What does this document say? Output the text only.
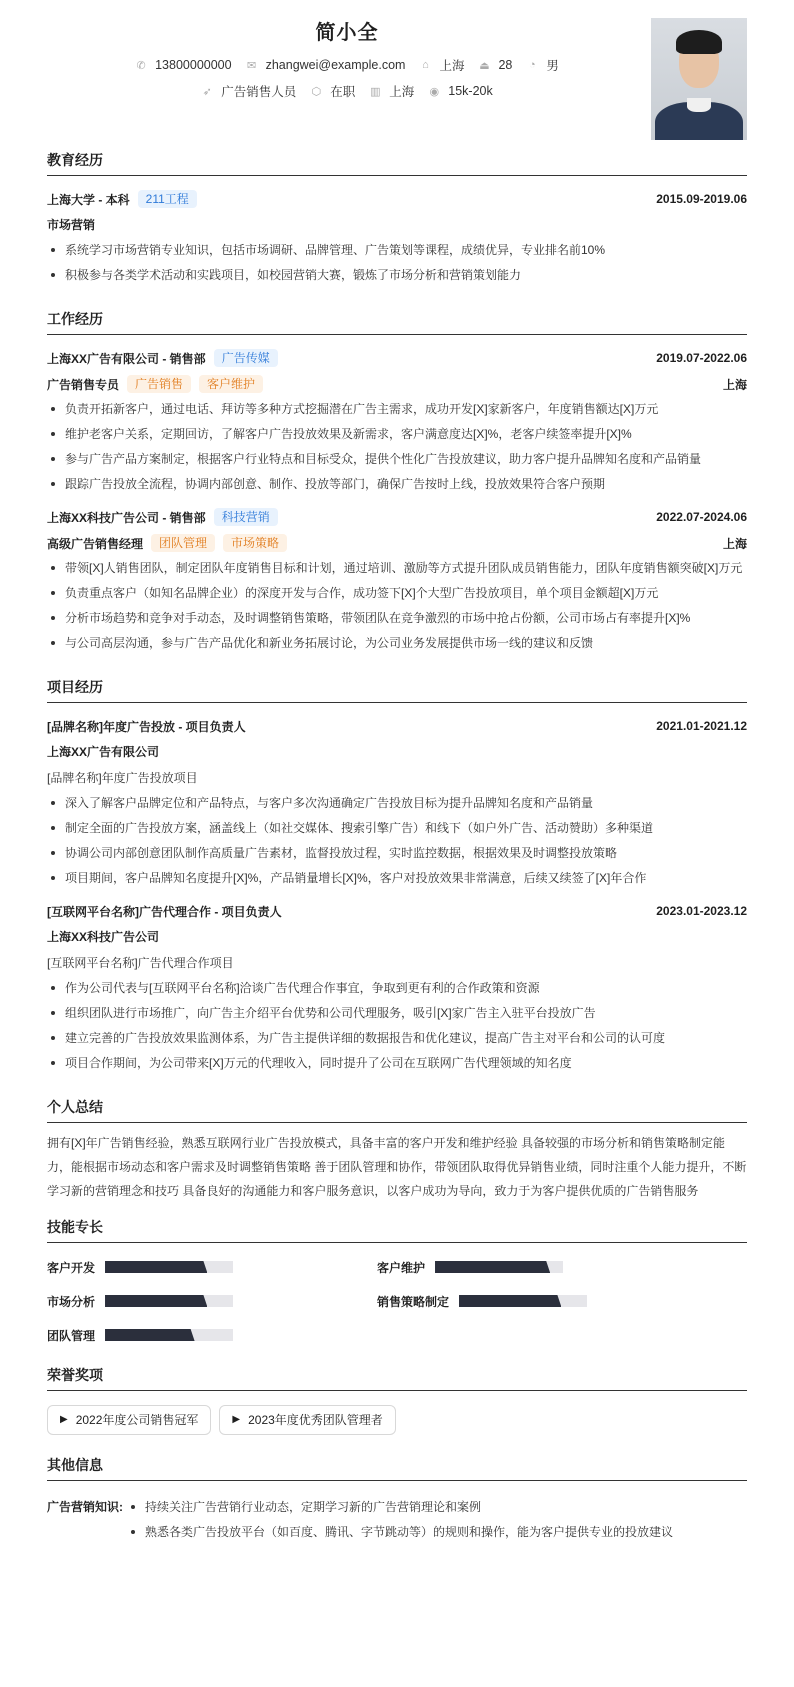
简小全
✆ 13800000000 ✉ zhangwei@example.com ⌂ 上海 ⏏ 28 ◔ 男
➶ 广告销售人员 ⬡ 在职 ▥ 上海 ◉ 15k-20k
教育经历
上海大学 - 本科	211工程	2015.09-2019.06
市场营销
系统学习市场营销专业知识，包括市场调研、品牌管理、广告策划等课程，成绩优异，专业排名前10%
积极参与各类学术活动和实践项目，如校园营销大赛，锻炼了市场分析和营销策划能力
工作经历
上海XX广告有限公司 - 销售部	广告传媒	2019.07-2022.06
广告销售专员	广告销售	客户维护	上海
负责开拓新客户，通过电话、拜访等多种方式挖掘潜在广告主需求，成功开发[X]家新客户，年度销售额达[X]万元
维护老客户关系，定期回访，了解客户广告投放效果及新需求，客户满意度达[X]%，老客户续签率提升[X]%
参与广告产品方案制定，根据客户行业特点和目标受众，提供个性化广告投放建议，助力客户提升品牌知名度和产品销量
跟踪广告投放全流程，协调内部创意、制作、投放等部门，确保广告按时上线，投放效果符合客户预期
上海XX科技广告公司 - 销售部	科技营销	2022.07-2024.06
高级广告销售经理	团队管理	市场策略	上海
带领[X]人销售团队，制定团队年度销售目标和计划，通过培训、激励等方式提升团队成员销售能力，团队年度销售额突破[X]万元
负责重点客户（如知名品牌企业）的深度开发与合作，成功签下[X]个大型广告投放项目，单个项目金额超[X]万元
分析市场趋势和竞争对手动态，及时调整销售策略，带领团队在竞争激烈的市场中抢占份额，公司市场占有率提升[X]%
与公司高层沟通，参与广告产品优化和新业务拓展讨论，为公司业务发展提供市场一线的建议和反馈
项目经历
[品牌名称]年度广告投放 - 项目负责人	2021.01-2021.12
上海XX广告有限公司
[品牌名称]年度广告投放项目
深入了解客户品牌定位和产品特点，与客户多次沟通确定广告投放目标为提升品牌知名度和产品销量
制定全面的广告投放方案，涵盖线上（如社交媒体、搜索引擎广告）和线下（如户外广告、活动赞助）多种渠道
协调公司内部创意团队制作高质量广告素材，监督投放过程，实时监控数据，根据效果及时调整投放策略
项目期间，客户品牌知名度提升[X]%，产品销量增长[X]%，客户对投放效果非常满意，后续又续签了[X]年合作
[互联网平台名称]广告代理合作 - 项目负责人	2023.01-2023.12
上海XX科技广告公司
[互联网平台名称]广告代理合作项目
作为公司代表与[互联网平台名称]洽谈广告代理合作事宜，争取到更有利的合作政策和资源
组织团队进行市场推广，向广告主介绍平台优势和公司代理服务，吸引[X]家广告主入驻平台投放广告
建立完善的广告投放效果监测体系，为广告主提供详细的数据报告和优化建议，提高广告主对平台和公司的认可度
项目合作期间，为公司带来[X]万元的代理收入，同时提升了公司在互联网广告代理领域的知名度
个人总结
拥有[X]年广告销售经验，熟悉互联网行业广告投放模式，具备丰富的客户开发和维护经验 具备较强的市场分析和销售策略制定能力，能根据市场动态和客户需求及时调整销售策略 善于团队管理和协作，带领团队取得优异销售业绩，同时注重个人能力提升，不断学习新的营销理念和技巧 具备良好的沟通能力和客户服务意识，以客户成功为导向，致力于为客户提供优质的广告销售服务
技能专长
客户开发	客户维护
市场分析	销售策略制定
团队管理
荣誉奖项
▶ 2022年度公司销售冠军	▶ 2023年度优秀团队管理者
其他信息
广告营销知识:	持续关注广告营销行业动态，定期学习新的广告营销理论和案例
熟悉各类广告投放平台（如百度、腾讯、字节跳动等）的规则和操作，能为客户提供专业的投放建议
